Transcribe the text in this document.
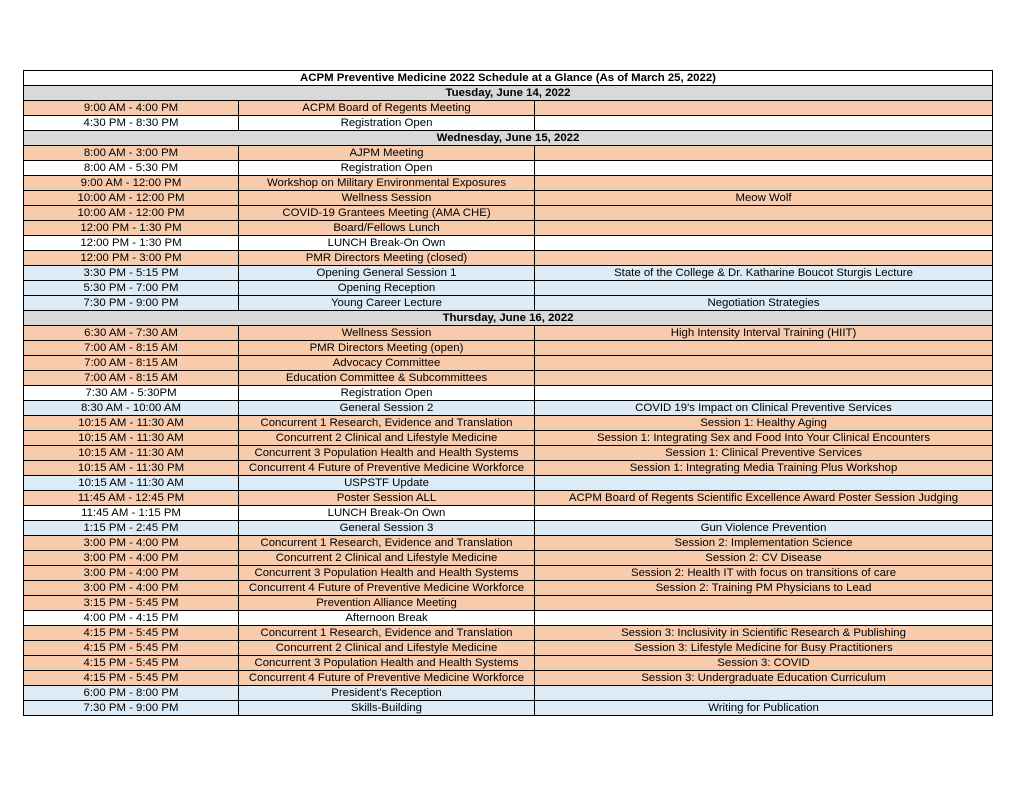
ACPM Preventive Medicine 2022 Schedule at a Glance (As of March 25, 2022)		
Tuesday, June 14, 2022		
9:00 AM - 4:00 PM	ACPM Board of Regents Meeting	
4:30 PM - 8:30 PM	Registration Open	
Wednesday, June 15, 2022		
8:00 AM - 3:00 PM	AJPM Meeting	
8:00 AM - 5:30 PM	Registration Open	
9:00 AM - 12:00 PM	Workshop on Military Environmental Exposures	
10:00 AM - 12:00 PM	Wellness Session	Meow Wolf
10:00 AM - 12:00 PM	COVID-19 Grantees Meeting (AMA CHE)	
12:00 PM - 1:30 PM	Board/Fellows Lunch	
12:00 PM - 1:30 PM	LUNCH Break-On Own	
12:00 PM - 3:00 PM	PMR Directors Meeting (closed)	
3:30 PM - 5:15 PM	Opening General Session 1	State of the College & Dr. Katharine Boucot Sturgis Lecture
5:30 PM - 7:00 PM	Opening Reception	
7:30 PM - 9:00 PM	Young Career Lecture	Negotiation Strategies
Thursday, June 16, 2022		
6:30 AM - 7:30 AM	Wellness Session	High Intensity Interval Training (HIIT)
7:00 AM - 8:15 AM	PMR Directors Meeting (open)	
7:00 AM - 8:15 AM	Advocacy Committee	
7:00 AM - 8:15 AM	Education Committee & Subcommittees	
7:30 AM - 5:30PM	Registration Open	
8:30 AM - 10:00 AM	General Session 2	COVID 19's Impact on Clinical Preventive Services
10:15 AM - 11:30 AM	Concurrent 1 Research, Evidence and Translation	Session 1: Healthy Aging
10:15 AM - 11:30 AM	Concurrent 2 Clinical and Lifestyle Medicine	Session 1: Integrating Sex and Food Into Your Clinical Encounters
10:15 AM - 11:30 AM	Concurrent 3 Population Health and Health Systems	Session 1: Clinical Preventive Services
10:15 AM - 11:30 PM	Concurrent 4 Future of Preventive Medicine Workforce	Session 1: Integrating Media Training Plus Workshop
10:15 AM - 11:30 AM	USPSTF Update	
11:45 AM - 12:45 PM	Poster Session ALL	ACPM Board of Regents Scientific Excellence Award Poster Session Judging
11:45 AM - 1:15 PM	LUNCH Break-On Own	
1:15 PM - 2:45 PM	General Session 3	Gun Violence Prevention
3:00 PM - 4:00 PM	Concurrent 1 Research, Evidence and Translation	Session 2: Implementation Science
3:00 PM - 4:00 PM	Concurrent 2 Clinical and Lifestyle Medicine	Session 2: CV Disease
3:00 PM - 4:00 PM	Concurrent 3 Population Health and Health Systems	Session 2: Health IT with focus on transitions of care
3:00 PM - 4:00 PM	Concurrent 4 Future of Preventive Medicine Workforce	Session 2: Training PM Physicians to Lead
3:15 PM - 5:45 PM	Prevention Alliance Meeting	
4:00 PM - 4:15 PM	Afternoon Break	
4:15 PM - 5:45 PM	Concurrent 1 Research, Evidence and Translation	Session 3: Inclusivity in Scientific Research & Publishing
4:15 PM - 5:45 PM	Concurrent 2 Clinical and Lifestyle Medicine	Session 3: Lifestyle Medicine for Busy Practitioners
4:15 PM - 5:45 PM	Concurrent 3 Population Health and Health Systems	Session 3: COVID
4:15 PM - 5:45 PM	Concurrent 4 Future of Preventive Medicine Workforce	Session 3: Undergraduate Education Curriculum
6:00 PM - 8:00 PM	President's Reception	
7:30 PM - 9:00 PM	Skills-Building	Writing for Publication
